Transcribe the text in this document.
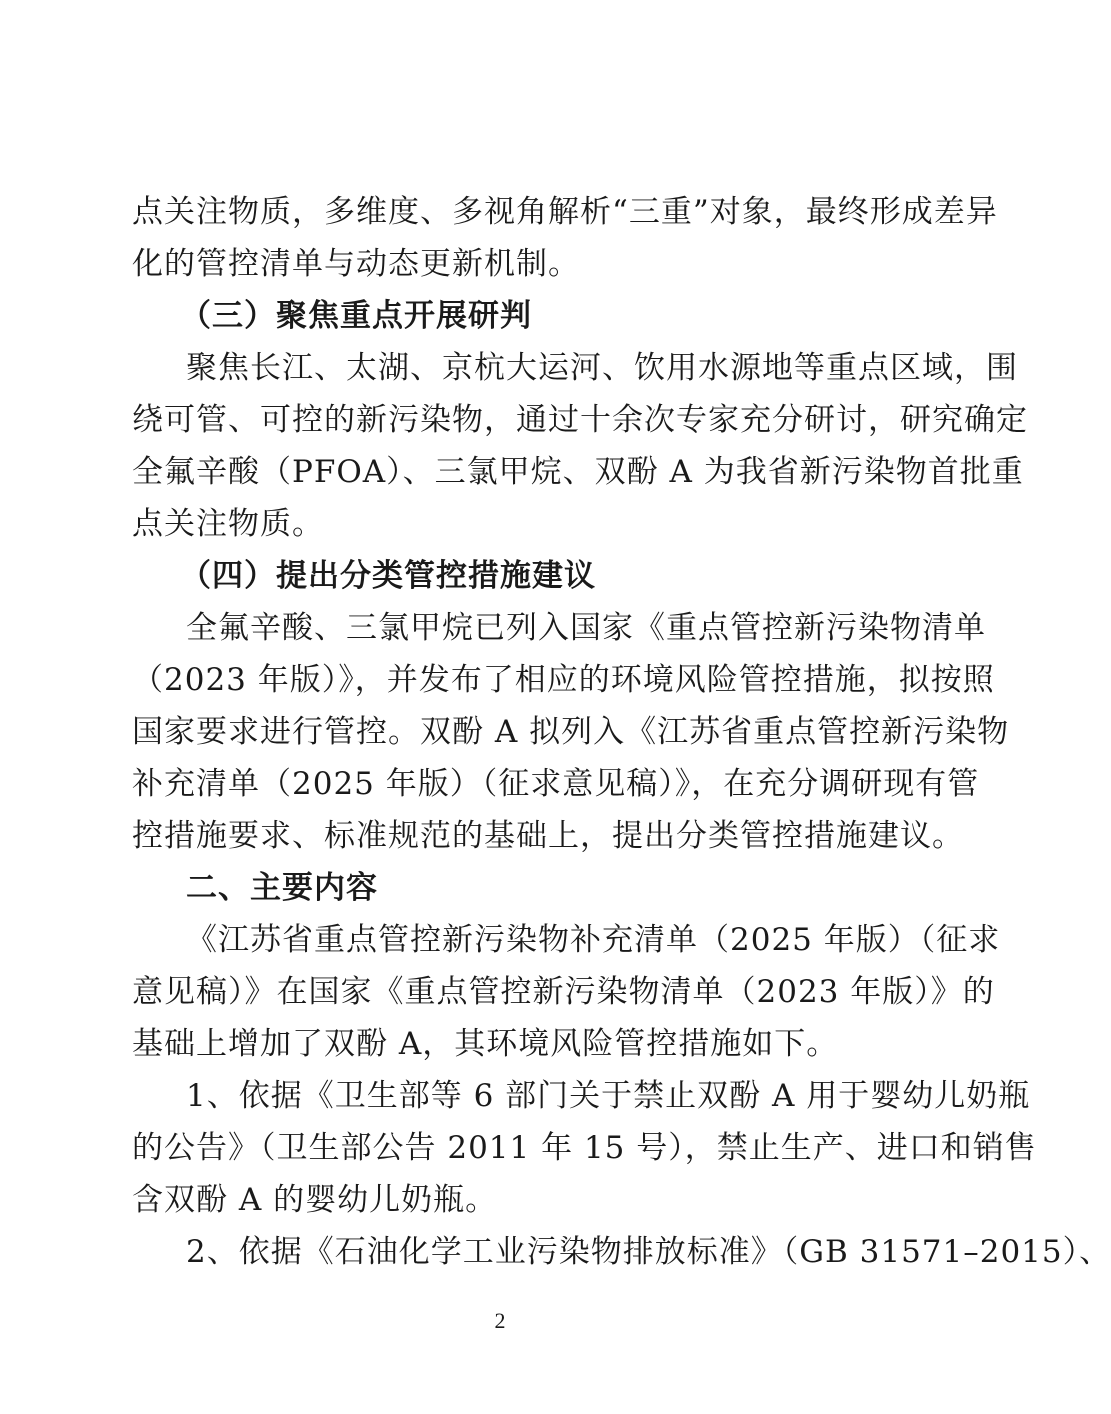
点关注物质，多维度、多视角解析“三重”对象，最终形成差异
化的管控清单与动态更新机制。
（三）聚焦重点开展研判
聚焦长江、太湖、京杭大运河、饮用水源地等重点区域，围
绕可管、可控的新污染物，通过十余次专家充分研讨，研究确定
全氟辛酸（PFOA）、三氯甲烷、双酚 A 为我省新污染物首批重
点关注物质。
（四）提出分类管控措施建议
全氟辛酸、三氯甲烷已列入国家《重点管控新污染物清单
（2023 年版）》，并发布了相应的环境风险管控措施，拟按照
国家要求进行管控。双酚 A 拟列入《江苏省重点管控新污染物
补充清单（2025 年版）（征求意见稿）》，在充分调研现有管
控措施要求、标准规范的基础上，提出分类管控措施建议。
二、主要内容
《江苏省重点管控新污染物补充清单（2025 年版）（征求
意见稿）》在国家《重点管控新污染物清单（2023 年版）》的
基础上增加了双酚 A，其环境风险管控措施如下。
1、依据《卫生部等 6 部门关于禁止双酚 A 用于婴幼儿奶瓶
的公告》（卫生部公告 2011 年 15 号），禁止生产、进口和销售
含双酚 A 的婴幼儿奶瓶。
2、依据《石油化学工业污染物排放标准》（GB 31571–2015）、
2
